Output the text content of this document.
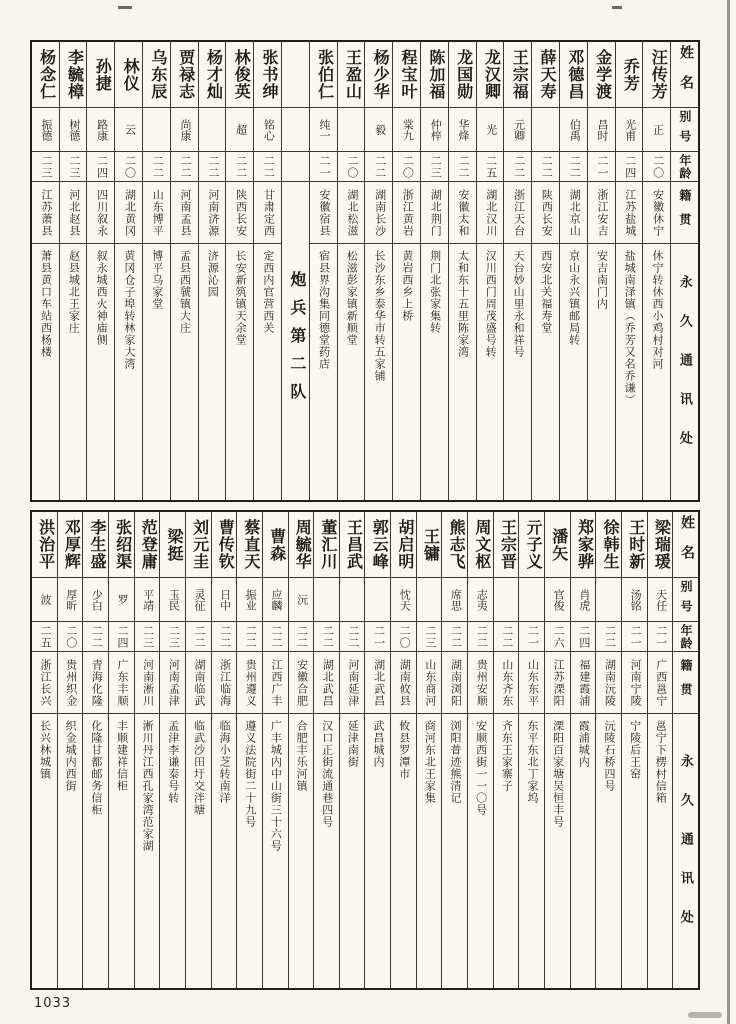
姓名
别号
年龄
籍贯
永久通讯处
汪传芳
正
二〇
安徽休宁
休宁转休西小鸡村对河
乔芳
光甫
二四
江苏盐城
盐城南泽镇（乔芳又名乔谦）
金学渡
昌时
二一
浙江安吉
安吉南门内
邓德昌
伯禹
二二
湖北京山
京山永兴镇邮局转
薛天寿
二二
陕西长安
西安北关福寿堂
王宗福
元卿
二二
浙江天台
天台妙山里永和祥号
龙汉卿
光
二五
湖北汉川
汉川西门周茂盛号转
龙国勋
华烽
二二
安徽太和
太和东十五里陈家湾
陈加福
仲梓
二三
湖北荆门
荆门北张家集转
程宝叶
棠九
二〇
浙江黄岩
黄岩西乡上桥
杨少华
毅
二二
湖南长沙
长沙东乡泰华市转五家铺
王盈山
二〇
湖北松滋
松滋彭家镇新顺堂
张伯仁
纯一
二一
安徽宿县
宿县界沟集同德堂药店
炮兵第二队
张书绅
铭心
二二
甘肃定西
定西内官营西关
林俊英
超
二二
陕西长安
长安新筑镇天余堂
杨才灿
二二
河南济源
济源沁园
贾禄志
尚康
二二
河南孟县
孟县西虢镇大庄
乌东辰
二二
山东博平
博平乌家堂
林仪
云
二〇
湖北黄冈
黄冈仓子埠转林家大湾
孙捷
路康
二四
四川叙永
叙永城西火神庙侧
李毓樟
树德
二三
河北赵县
赵县城北王家庄
杨念仁
振德
二三
江苏萧县
萧县黄口车站西杨楼
姓名
别号
年龄
籍贯
永久通讯处
梁瑞瑗
天任
二一
广西邕宁
邕宁下楞村信箱
王时新
汤铭
二一
河南宁陵
宁陵后王窑
徐韩生
二二
湖南沅陵
沅陵石桥四号
郑家骅
肖虎
二四
福建霞浦
霞浦城内
潘矢
官俊
二六
江苏溧阳
溧阳百家塘吴恒丰号
亓子义
二一
山东东平
东平东北丁家坞
王宗晋
二二
山东齐东
齐东王家寨子
周文枢
志夷
二二
贵州安顺
安顺西街一一〇号
熊志飞
席思
二二
湖南浏阳
浏阳普迹熊清记
王镛
二三
山东商河
商河东北王家集
胡启明
忱天
二〇
湖南攸县
攸县罗潭市
郭云峰
二一
湖北武昌
武昌城内
王昌武
二二
河南延津
延津南街
董汇川
二二
湖北武昌
汉口正街流通巷四号
周毓华
沅
二二
安徽合肥
合肥丰乐河镇
曹森
应麟
二二
江西广丰
广丰城内中山街三十六号
蔡直天
振业
二二
贵州遵义
遵义法院街二十九号
曹传钦
日中
二二
浙江临海
临海小芝转南洋
刘元圭
灵征
二二
湖南临武
临武沙田圩交泮塘
梁挺
玉民
二三
河南孟津
孟津李谦泰号转
范登庸
平靖
二三
河南淅川
淅川丹江西孔家湾范家湖
张绍渠
罗
二四
广东丰顺
丰顺建祥信柜
李生盛
少白
二二
青海化隆
化隆甘都邮务信柜
邓厚辉
厚昕
二〇
贵州织金
织金城内西街
洪治平
波
二五
浙江长兴
长兴林城镇
1033
